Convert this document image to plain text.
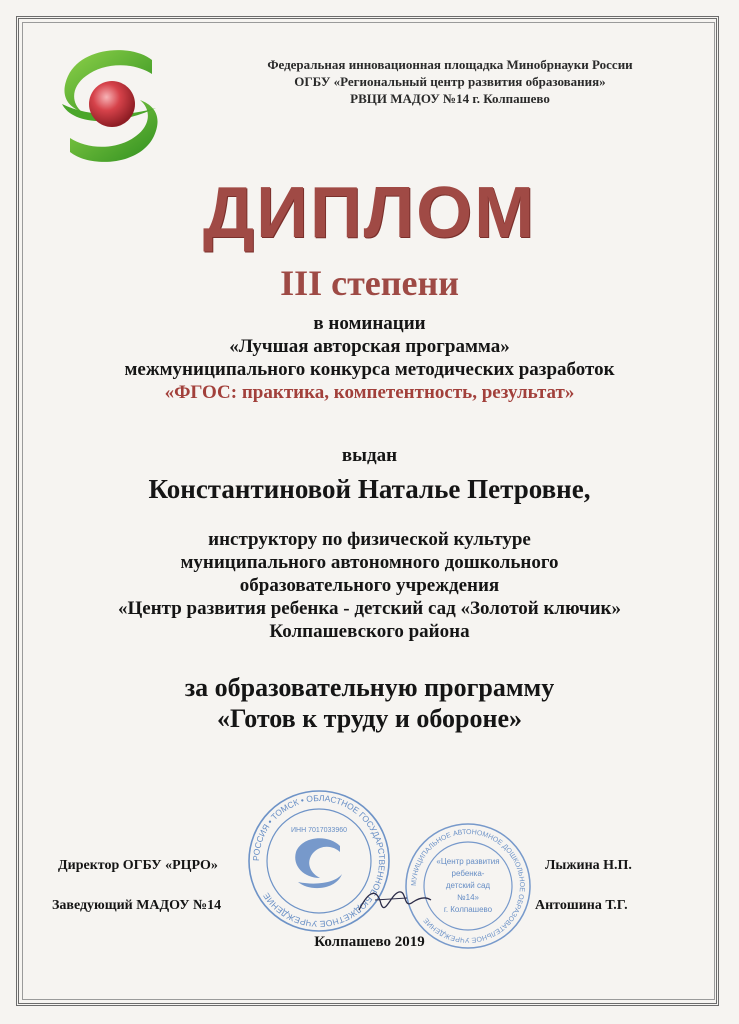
Федеральная инновационная площадка Минобрнауки России
ОГБУ «Региональный центр развития образования»
РВЦИ МАДОУ №14 г. Колпашево
ДИПЛОМ
III степени
в номинации
«Лучшая авторская программа»
межмуниципального конкурса методических разработок
«ФГОС: практика, компетентность, результат»
выдан
Константиновой Наталье Петровне,
инструктору по физической культуре
муниципального автономного дошкольного
образовательного учреждения
«Центр развития ребенка - детский сад «Золотой ключик»
Колпашевского района
за образовательную программу
«Готов к труду и обороне»
РОССИЯ • ТОМСК • ОБЛАСТНОЕ ГОСУДАРСТВЕННОЕ БЮДЖЕТНОЕ УЧРЕЖДЕНИЕ
ИНН 7017033960
МУНИЦИПАЛЬНОЕ АВТОНОМНОЕ ДОШКОЛЬНОЕ ОБРАЗОВАТЕЛЬНОЕ УЧРЕЖДЕНИЕ
«Центр развития
ребенка-
детский сад
№14»
г. Колпашево
Директор ОГБУ «РЦРО»	Лыжина Н.П.
Заведующий МАДОУ №14	Антошина Т.Г.
Колпашево 2019
